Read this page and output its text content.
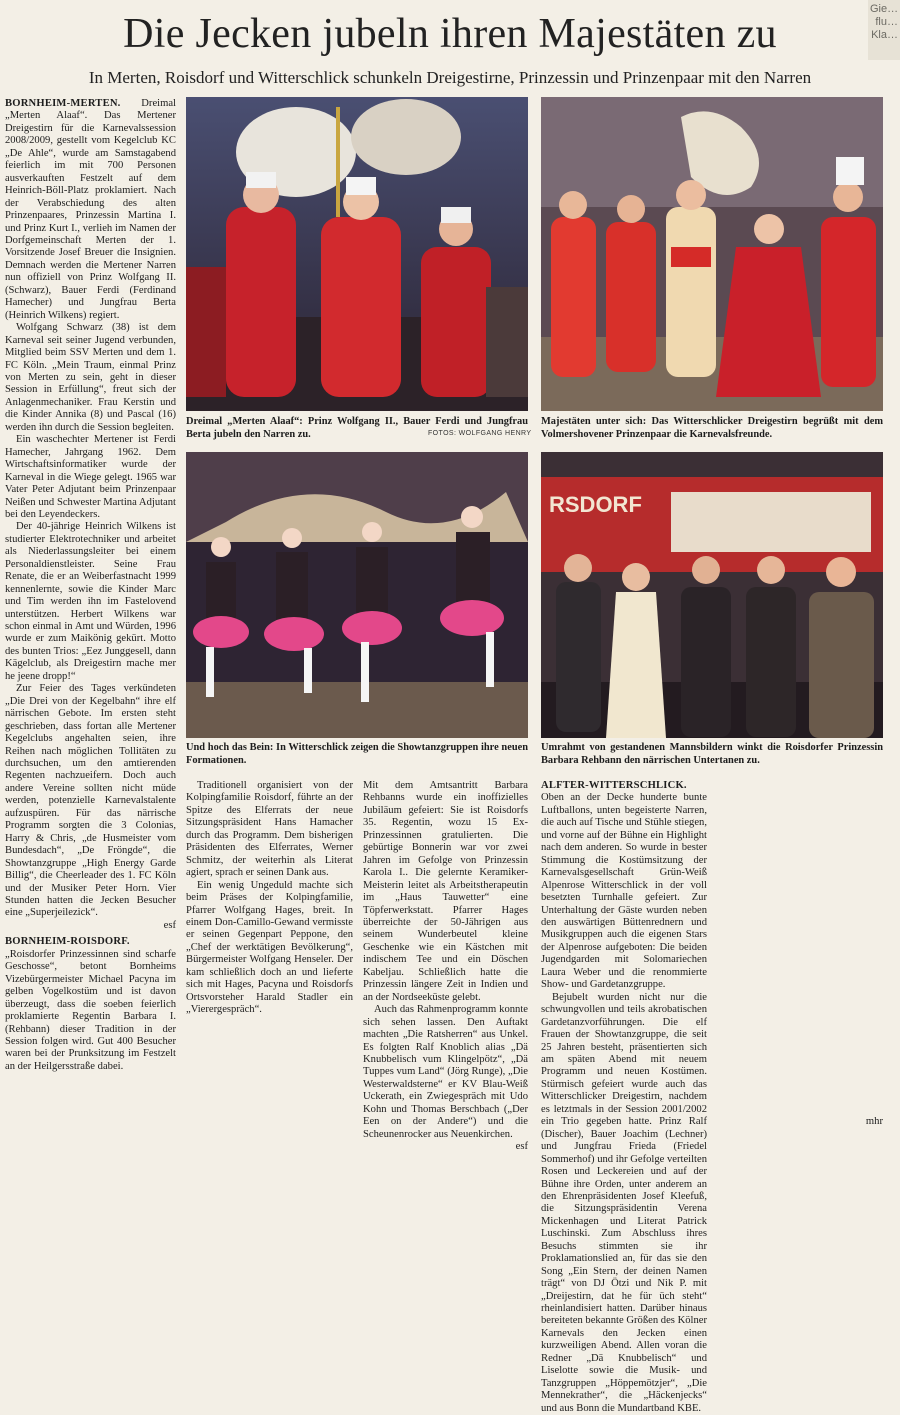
Gie… flu… Kla…
Die Jecken jubeln ihren Majestäten zu
In Merten, Roisdorf und Witterschlick schunkeln Dreigestirne, Prinzessin und Prinzenpaar mit den Narren

BORNHEIM-MERTEN. Dreimal „Merten Alaaf“. Das Mertener Dreigestirn für die Karnevalssession 2008/2009, gestellt vom Kegelclub KC „De Ahle“, wurde am Samstagabend feierlich im mit 700 Personen ausverkauften Festzelt auf dem Heinrich-Böll-Platz proklamiert. Nach der Verabschiedung des alten Prinzenpaares, Prinzessin Martina I. und Prinz Kurt I., verlieh im Namen der Dorfgemeinschaft Merten der 1. Vorsitzende Josef Breuer die Insignien. Demnach werden die Mertener Narren nun offiziell von Prinz Wolfgang II. (Schwarz), Bauer Ferdi (Ferdinand Hamecher) und Jungfrau Berta (Heinrich Wilkens) regiert.

Wolfgang Schwarz (38) ist dem Karneval seit seiner Jugend verbunden, Mitglied beim SSV Merten und dem 1. FC Köln. „Mein Traum, einmal Prinz von Merten zu sein, geht in dieser Session in Erfüllung“, freut sich der Anlagenmechaniker. Frau Kerstin und die Kinder Annika (8) und Pascal (16) werden ihn durch die Session begleiten.

Ein waschechter Mertener ist Ferdi Hamecher, Jahrgang 1962. Dem Wirtschaftsinformatiker wurde der Karneval in die Wiege gelegt. 1965 war Vater Peter Adjutant beim Prinzenpaar Neißen und Schwester Martina Adjutant bei den Leyendeckers.

Der 40-jährige Heinrich Wilkens ist studierter Elektrotechniker und arbeitet als Niederlassungsleiter bei einem Personaldienstleister. Seine Frau Renate, die er an Weiberfastnacht 1999 kennenlernte, sowie die Kinder Marc und Tim werden ihn im Fastelovend unterstützen. Herbert Wilkens war schon einmal in Amt und Würden, 1996 wurde er zum Maikönig gekürt. Motto des bunten Trios: „Eez Junggesell, dann Kägelclub, als Dreigestirn mache mer he jeene dropp!“

Zur Feier des Tages verkündeten „Die Drei von der Kegelbahn“ ihre elf närrischen Gebote. Im ersten steht geschrieben, dass fortan alle Mertener Kegelclubs angehalten seien, ihre Reihen nach möglichen Tollitäten zu durchsuchen, um den amtierenden Regenten nachzueifern. Doch auch andere Vereine sollten nicht müde werden, potenzielle Karnevalstalente aufzuspüren. Für das närrische Programm sorgten die 3 Colonias, Harry & Chris, „de Husmeister vom Bundesdach“, „De Fröngde“, die Showtanzgruppe „High Energy Garde Billig“, die Cheerleader des 1. FC Köln und der Musiker Peter Horn. Vier Stunden hatten die Jecken Besucher eine „Superjeilezick“.

esf

BORNHEIM-ROISDORF. „Roisdorfer Prinzessinnen sind scharfe Geschosse“, betont Bornheims Vizebürgermeister Michael Pacyna im gelben Vogelkostüm und ist davon überzeugt, dass die soeben feierlich proklamierte Regentin Barbara I. (Rehbann) dieser Tradition in der Session folgen wird. Gut 400 Besucher waren bei der Prunksitzung im Festzelt an der Heilgersstraße dabei.

Dreimal „Merten Alaaf“: Prinz Wolfgang II., Bauer Ferdi und Jungfrau Berta jubeln den Narren zu.	FOTOS: WOLFGANG HENRY
Majestäten unter sich: Das Witterschlicker Dreigestirn begrüßt mit dem Volmershovener Prinzenpaar die Karnevalsfreunde.
Und hoch das Bein: In Witterschlick zeigen die Showtanzgruppen ihre neuen Formationen.
RSDORF
Umrahmt von gestandenen Mannsbildern winkt die Roisdorfer Prinzessin Barbara Rehbann den närrischen Untertanen zu.

Traditionell organisiert von der Kolpingfamilie Roisdorf, führte an der Spitze des Elferrats der neue Sitzungspräsident Hans Hamacher durch das Programm. Dem bisherigen Präsidenten des Elferrates, Werner Schmitz, der weiterhin als Literat agiert, sprach er seinen Dank aus.

Ein wenig Ungeduld machte sich beim Präses der Kolpingfamilie, Pfarrer Wolfgang Hages, breit. In einem Don-Camillo-Gewand vermisste er seinen Gegenpart Peppone, den „Chef der werktätigen Bevölkerung“, Bürgermeister Wolfgang Henseler. Der kam schließlich doch an und lieferte sich mit Hages, Pacyna und Roisdorfs Ortsvorsteher Harald Stadler ein „Vierergespräch“.

Mit dem Amtsantritt Barbara Rehbanns wurde ein inoffizielles Jubiläum gefeiert: Sie ist Roisdorfs 35. Regentin, wozu 15 Ex-Prinzessinnen gratulierten. Die gebürtige Bonnerin war vor zwei Jahren im Gefolge von Prinzessin Karola I.. Die gelernte Keramiker-Meisterin leitet als Arbeitstherapeutin im „Haus Tauwetter“ eine Töpferwerkstatt. Pfarrer Hages überreichte der 50-Jährigen aus seinem Wunderbeutel kleine Geschenke wie ein Kästchen mit indischem Tee und ein Döschen Kabeljau. Schließlich hatte die Prinzessin längere Zeit in Indien und an der Nordseeküste gelebt.

Auch das Rahmenprogramm konnte sich sehen lassen. Den Auftakt machten „Die Ratsherren“ aus Unkel. Es folgten Ralf Knoblich alias „Dä Knubbelisch vum Klingelpötz“, „Dä Tuppes vum Land“ (Jörg Runge), „Die Westerwaldsterne“ er KV Blau-Weiß Uckerath, ein Zwiegespräch mit Udo Kohn und Thomas Berschbach („Der Een on der Andere“) und die Scheunenrocker aus Neuenkirchen.

esf

ALFTER-WITTERSCHLICK. Oben an der Decke hunderte bunte Luftballons, unten begeisterte Narren, die auch auf Tische und Stühle stiegen, und vorne auf der Bühne ein Highlight nach dem anderen. So wurde in bester Stimmung die Kostümsitzung der Karnevalsgesellschaft Grün-Weiß Alpenrose Witterschlick in der voll besetzten Turnhalle gefeiert. Zur Unterhaltung der Gäste wurden neben den auswärtigen Büttenrednern und Musikgruppen auch die eigenen Stars der Alpenrose aufgeboten: Die beiden Jugendgarden mit Solomariechen Laura Weber und die renommierte Show- und Gardetanzgruppe.

Bejubelt wurden nicht nur die schwungvollen und teils akrobatischen Gardetanzvorführungen. Die elf Frauen der Showtanzgruppe, die seit 25 Jahren besteht, präsentierten sich am späten Abend mit neuem Programm und neuen Kostümen. Stürmisch gefeiert wurde auch das Witterschlicker Dreigestirn, nachdem es letztmals in der Session 2001/2002 ein Trio gegeben hatte. Prinz Ralf (Discher), Bauer Joachim (Lechner) und Jungfrau Frieda (Friedel Sommerhof) und ihr Gefolge verteilten Rosen und Leckereien und auf der Bühne ihre Orden, unter anderem an den Ehrenpräsidenten Josef Kleefuß, die Sitzungspräsidentin Verena Mickenhagen und Literat Patrick Luschinski. Zum Abschluss ihres Besuchs stimmten sie ihr Proklamationslied an, für das sie den Song „Ein Stern, der deinen Namen trägt“ von DJ Ötzi und Nik P. mit „Dreijestirn, dat he für üch steht“ rheinlandisiert hatten. Darüber hinaus bereiteten bekannte Größen des Kölner Karnevals den Jecken einen kurzweiligen Abend. Allen voran die Redner „Dä Knubbelisch“ und Liselotte sowie die Musik- und Tanzgruppen „Höppemötzjer“, „Die Mennekrather“, die „Häckenjecks“ und aus Bonn die Mundartband KBE.

mhr
